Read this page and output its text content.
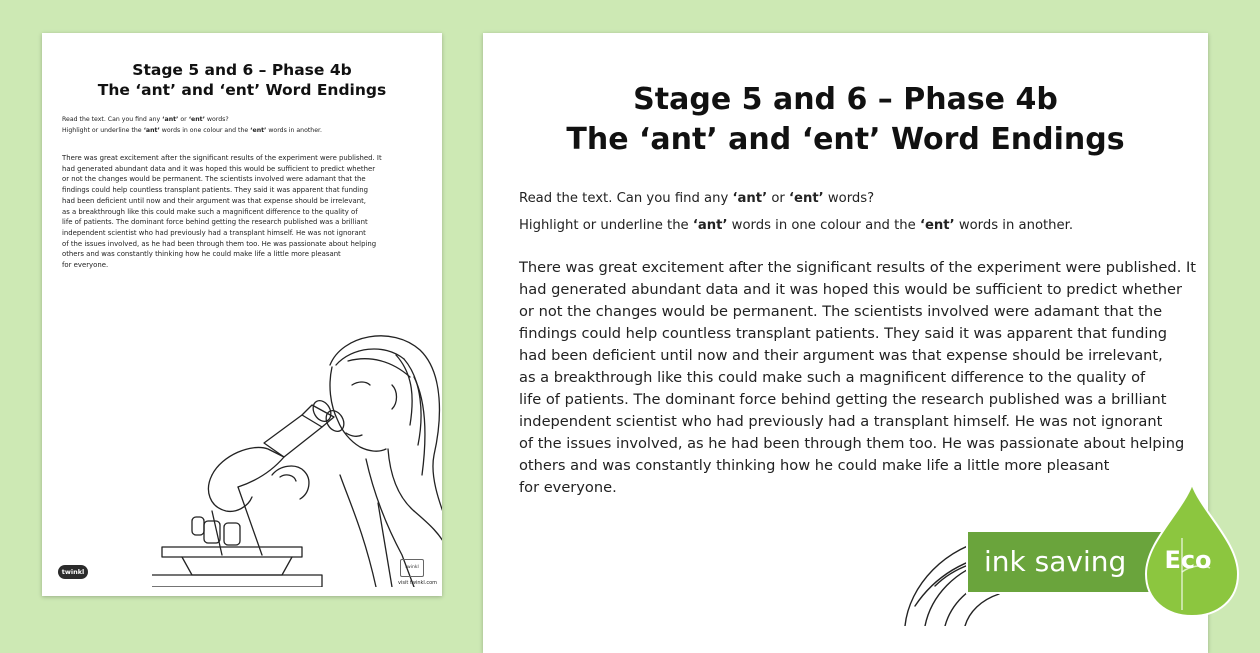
Stage 5 and 6 – Phase 4b
The ‘ant’ and ‘ent’ Word Endings
Read the text. Can you find any ‘ant’ or ‘ent’ words?
Highlight or underline the ‘ant’ words in one colour and the ‘ent’ words in another.
There was great excitement after the significant results of the experiment were published. It
had generated abundant data and it was hoped this would be sufficient to predict whether
or not the changes would be permanent. The scientists involved were adamant that the
findings could help countless transplant patients. They said it was apparent that funding
had been deficient until now and their argument was that expense should be irrelevant,
as a breakthrough like this could make such a magnificent difference to the quality of
life of patients. The dominant force behind getting the research published was a brilliant
independent scientist who had previously had a transplant himself. He was not ignorant
of the issues involved, as he had been through them too. He was passionate about helping
others and was constantly thinking how he could make life a little more pleasant
for everyone.
twinkl
twinkl
visit twinkl.com
Stage 5 and 6 – Phase 4b
The ‘ant’ and ‘ent’ Word Endings
Read the text. Can you find any ‘ant’ or ‘ent’ words?
Highlight or underline the ‘ant’ words in one colour and the ‘ent’ words in another.
There was great excitement after the significant results of the experiment were published. It
had generated abundant data and it was hoped this would be sufficient to predict whether
or not the changes would be permanent. The scientists involved were adamant that the
findings could help countless transplant patients. They said it was apparent that funding
had been deficient until now and their argument was that expense should be irrelevant,
as a breakthrough like this could make such a magnificent difference to the quality of
life of patients. The dominant force behind getting the research published was a brilliant
independent scientist who had previously had a transplant himself. He was not ignorant
of the issues involved, as he had been through them too. He was passionate about helping
others and was constantly thinking how he could make life a little more pleasant
for everyone.
ink saving Eco
